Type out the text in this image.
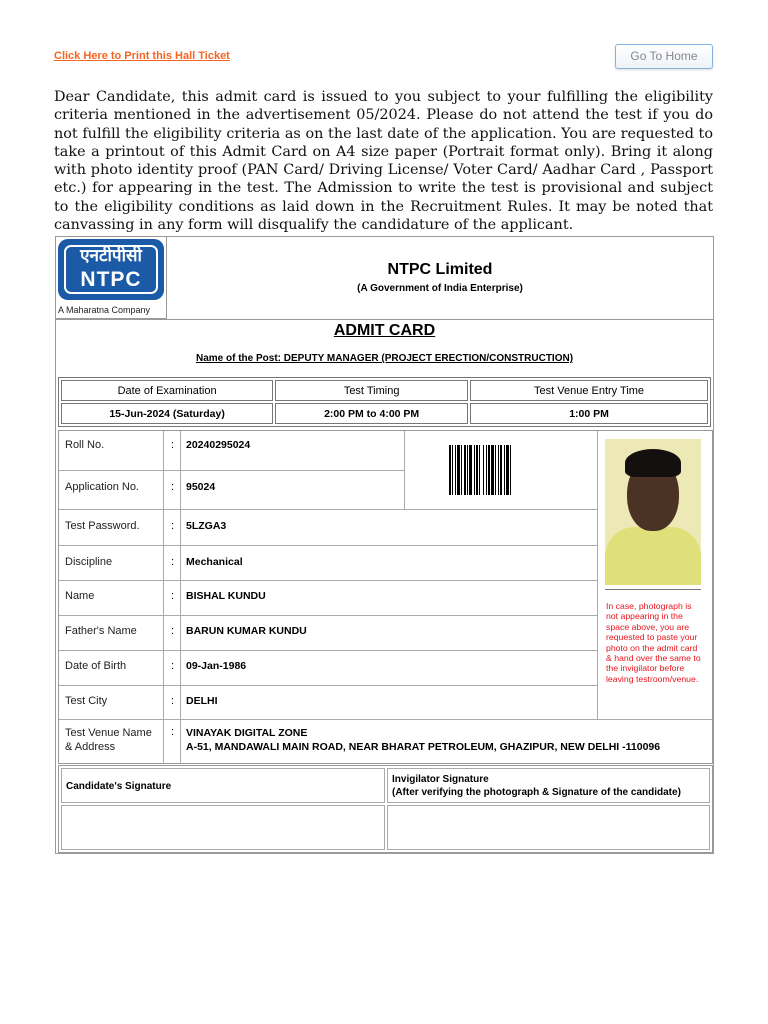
Click Here to Print this Hall Ticket	Go To Home

Dear Candidate, this admit card is issued to you subject to your fulfilling the eligibility criteria mentioned in the advertisement 05/2024. Please do not attend the test if you do not fulfill the eligibility criteria as on the last date of the application. You are requested to take a printout of this Admit Card on A4 size paper (Portrait format only). Bring it along with photo identity proof (PAN Card/ Driving License/ Voter Card/ Aadhar Card , Passport etc.) for appearing in the test. The Admission to write the test is provisional and subject to the eligibility conditions as laid down in the Recruitment Rules. It may be noted that canvassing in any form will disqualify the candidature of the applicant.

एनटीपीसी
NTPC
A Maharatna Company
NTPC Limited
(A Government of India Enterprise)
ADMIT CARD
Name of the Post: DEPUTY MANAGER (PROJECT ERECTION/CONSTRUCTION)
Date of Examination	Test Timing	Test Venue Entry Time
15-Jun-2024 (Saturday)	2:00 PM to 4:00 PM	1:00 PM
In case, photograph is not appearing in the space above, you are requested to paste your photo on the admit card & hand over the same to the invigilator before leaving testroom/venue.
Roll No.	: 20240295024
Application No.	: 95024
Test Password.	: 5LZGA3
Discipline	: Mechanical
Name	: BISHAL KUNDU
Father's Name	: BARUN KUMAR KUNDU
Date of Birth	: 09-Jan-1986
Test City	: DELHI
Test Venue Name
& Address
: VINAYAK DIGITAL ZONE
A-51, MANDAWALI MAIN ROAD, NEAR BHARAT PETROLEUM, GHAZIPUR, NEW DELHI -110096
Candidate's Signature
Invigilator Signature
(After verifying the photograph & Signature of the candidate)
